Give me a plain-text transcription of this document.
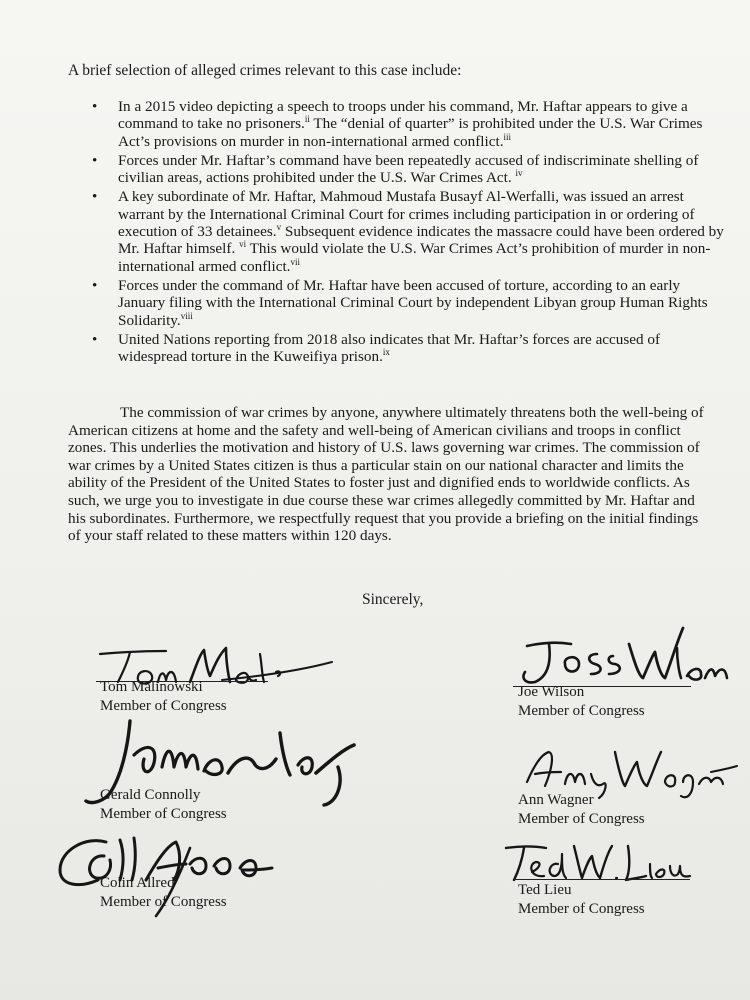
A brief selection of alleged crimes relevant to this case include:
• In a 2015 video depicting a speech to troops under his command, Mr. Haftar appears to give a command to take no prisoners.$^{ii}$ The “denial of quarter” is prohibited under the U.S. War Crimes Act’s provisions on murder in non-international armed conflict.$^{iii}$
• Forces under Mr. Haftar’s command have been repeatedly accused of indiscriminate shelling of civilian areas, actions prohibited under the U.S. War Crimes Act. $^{iv}$
• A key subordinate of Mr. Haftar, Mahmoud Mustafa Busayf Al-Werfalli, was issued an arrest warrant by the International Criminal Court for crimes including participation in or ordering of execution of 33 detainees.$^v$ Subsequent evidence indicates the massacre could have been ordered by Mr. Haftar himself. $^{vi}$ This would violate the U.S. War Crimes Act’s prohibition of murder in non-international armed conflict.$^{vii}$
• Forces under the command of Mr. Haftar have been accused of torture, according to an early January filing with the International Criminal Court by independent Libyan group Human Rights Solidarity.$^{viii}$
• United Nations reporting from 2018 also indicates that Mr. Haftar’s forces are accused of widespread torture in the Kuweifiya prison.$^{ix}$
The commission of war crimes by anyone, anywhere ultimately threatens both the well-being of American citizens at home and the safety and well-being of American civilians and troops in conflict zones. This underlies the motivation and history of U.S. laws governing war crimes. The commission of war crimes by a United States citizen is thus a particular stain on our national character and limits the ability of the President of the United States to foster just and dignified ends to worldwide conflicts. As such, we urge you to investigate in due course these war crimes allegedly committed by Mr. Haftar and his subordinates. Furthermore, we respectfully request that you provide a briefing on the initial findings of your staff related to these matters within 120 days.
Sincerely,
Tom Malinowski
Member of Congress
Joe Wilson
Member of Congress
Gerald Connolly
Member of Congress
Ann Wagner
Member of Congress
Colin Allred
Member of Congress
Ted Lieu
Member of Congress
